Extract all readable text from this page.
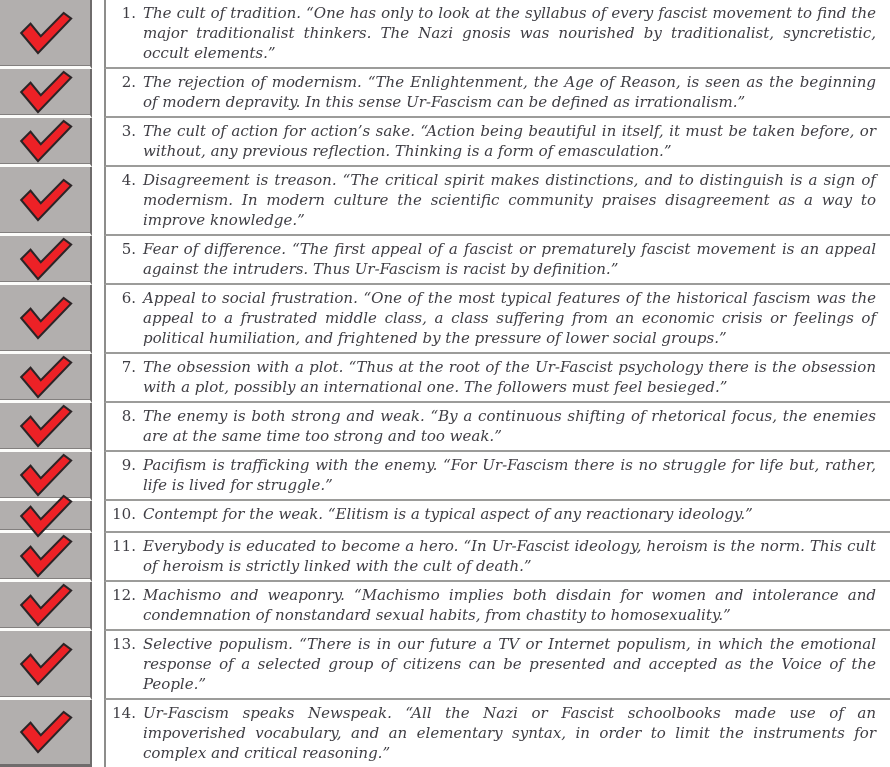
1. The cult of tradition. “One has only to look at the syllabus of every fascist movement to find the major traditionalist thinkers. The Nazi gnosis was nourished by traditionalist, syncretistic, occult elements.”
2. The rejection of modernism. “The Enlightenment, the Age of Reason, is seen as the beginning of modern depravity. In this sense Ur-Fascism can be defined as irrationalism.”
3. The cult of action for action’s sake. “Action being beautiful in itself, it must be taken before, or without, any previous reflection. Thinking is a form of emasculation.”
4. Disagreement is treason. “The critical spirit makes distinctions, and to distinguish is a sign of modernism. In modern culture the scientific community praises disagreement as a way to improve knowledge.”
5. Fear of difference. “The first appeal of a fascist or prematurely fascist movement is an appeal against the intruders. Thus Ur-Fascism is racist by definition.”
6. Appeal to social frustration. “One of the most typical features of the historical fascism was the appeal to a frustrated middle class, a class suffering from an economic crisis or feelings of political humiliation, and frightened by the pressure of lower social groups.”
7. The obsession with a plot. “Thus at the root of the Ur-Fascist psychology there is the obsession with a plot, possibly an international one. The followers must feel besieged.”
8. The enemy is both strong and weak. “By a continuous shifting of rhetorical focus, the enemies are at the same time too strong and too weak.”
9. Pacifism is trafficking with the enemy. “For Ur-Fascism there is no struggle for life but, rather, life is lived for struggle.”
10. Contempt for the weak. “Elitism is a typical aspect of any reactionary ideology.”
11. Everybody is educated to become a hero. “In Ur-Fascist ideology, heroism is the norm. This cult of heroism is strictly linked with the cult of death.”
12. Machismo and weaponry. “Machismo implies both disdain for women and intolerance and condemnation of nonstandard sexual habits, from chastity to homosexuality.”
13. Selective populism. “There is in our future a TV or Internet populism, in which the emotional response of a selected group of citizens can be presented and accepted as the Voice of the People.”
14. Ur-Fascism speaks Newspeak. “All the Nazi or Fascist schoolbooks made use of an impoverished vocabulary, and an elementary syntax, in order to limit the instruments for complex and critical reasoning.”
